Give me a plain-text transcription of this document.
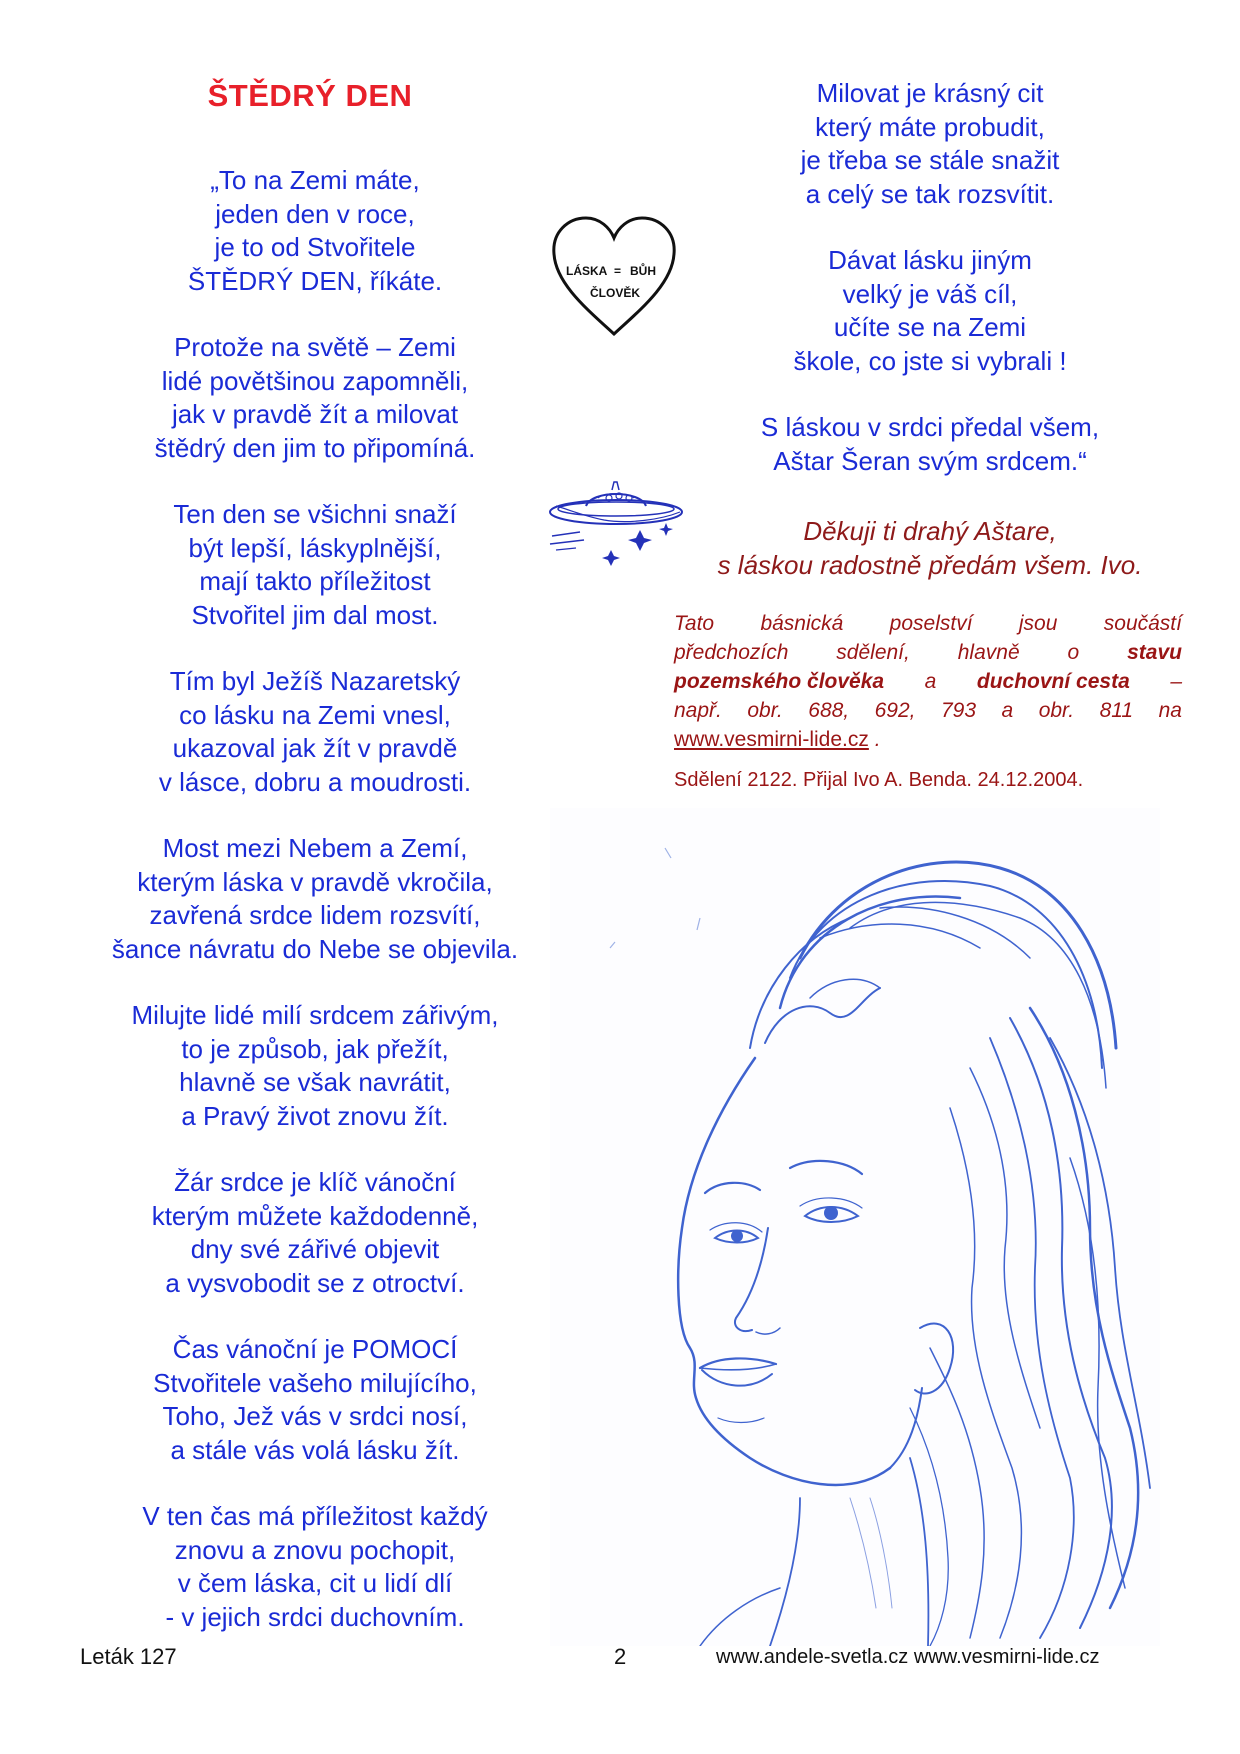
ŠTĚDRÝ DEN
„To na Zemi máte,
jeden den v roce,
je to od Stvořitele
ŠTĚDRÝ DEN, říkáte.
Protože na světě – Zemi
lidé povětšinou zapomněli,
jak v pravdě žít a milovat
štědrý den jim to připomíná.
Ten den se všichni snaží
být lepší, láskyplnější,
mají takto příležitost
Stvořitel jim dal most.
Tím byl Ježíš Nazaretský
co lásku na Zemi vnesl,
ukazoval jak žít v pravdě
v lásce, dobru a moudrosti.
Most mezi Nebem a Zemí,
kterým láska v pravdě vkročila,
zavřená srdce lidem rozsvítí,
šance návratu do Nebe se objevila.
Milujte lidé milí srdcem zářivým,
to je způsob, jak přežít,
hlavně se však navrátit,
a Pravý život znovu žít.
Žár srdce je klíč vánoční
kterým můžete každodenně,
dny své zářivé objevit
a vysvobodit se z otroctví.
Čas vánoční je POMOCÍ
Stvořitele vašeho milujícího,
Toho, Jež vás v srdci nosí,
a stále vás volá lásku žít.
V ten čas má příležitost každý
znovu a znovu pochopit,
v čem láska, cit u lidí dlí
- v jejich srdci duchovním.
Milovat je krásný cit
který máte probudit,
je třeba se stále snažit
a celý se tak rozsvítit.
Dávat lásku jiným
velký je váš cíl,
učíte se na Zemi
škole, co jste si vybrali !
S láskou v srdci předal všem,
Aštar Šeran svým srdcem.“
LÁSKA = BŮH
ČLOVĚK
Děkuji ti drahý Aštare,
s láskou radostně předám všem. Ivo.
Tato básnická poselství jsou součástí
předchozích sdělení, hlavně o stavu
pozemského člověka a duchovní cesta –
např. obr. 688, 692, 793 a obr. 811 na
www.vesmirni-lide.cz .
Sdělení 2122. Přijal Ivo A. Benda. 24.12.2004.
Leták 127	2	www.andele-svetla.cz www.vesmirni-lide.cz
